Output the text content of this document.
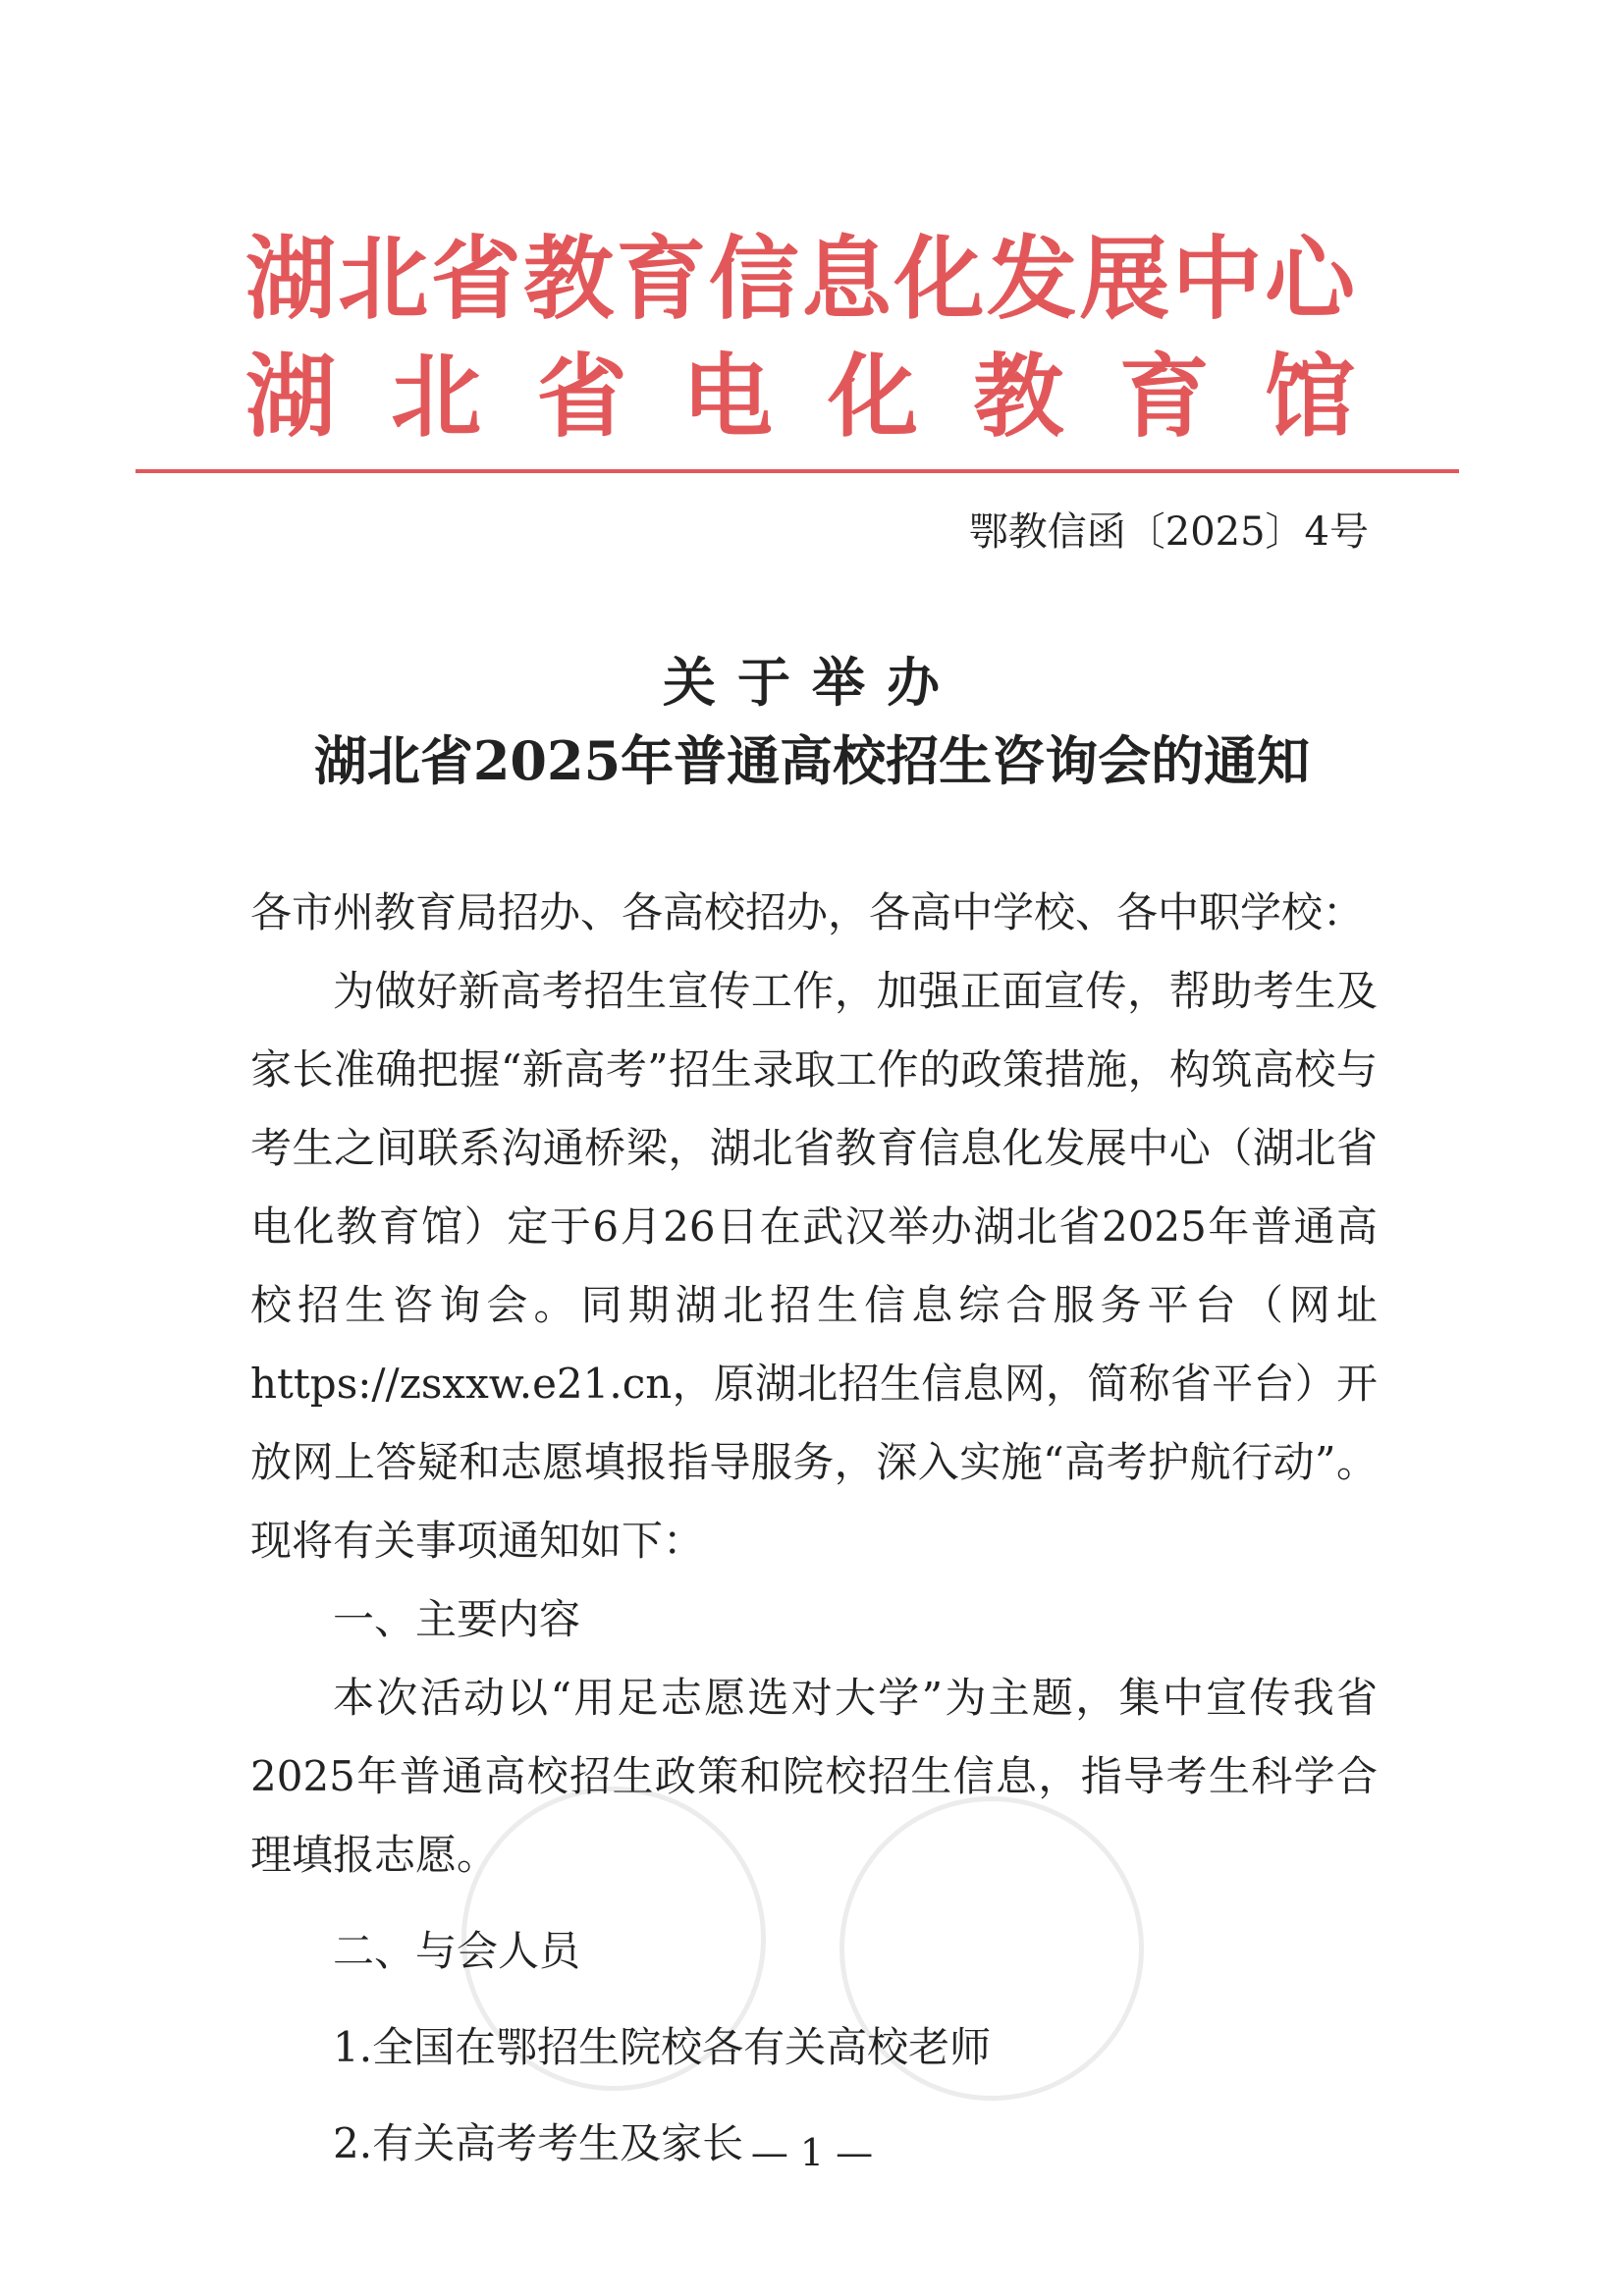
湖北省教育信息化发展中心
湖北省电化教育馆
鄂教信函〔2025〕4号
关于举办
湖北省2025年普通高校招生咨询会的通知

各市州教育局招办、各高校招办，各高中学校、各中职学校：

为做好新高考招生宣传工作，加强正面宣传，帮助考生及家长准确把握“新高考”招生录取工作的政策措施，构筑高校与考生之间联系沟通桥梁，湖北省教育信息化发展中心（湖北省电化教育馆）定于6月26日在武汉举办湖北省2025年普通高校招生咨询会。同期湖北招生信息综合服务平台（网址https://zsxxw.e21.cn，原湖北招生信息网，简称省平台）开放网上答疑和志愿填报指导服务，深入实施“高考护航行动”。现将有关事项通知如下：

一、主要内容

本次活动以“用足志愿选对大学”为主题，集中宣传我省2025年普通高校招生政策和院校招生信息，指导考生科学合理填报志愿。

二、与会人员

1.全国在鄂招生院校各有关高校老师

2.有关高考考生及家长 — 1 —
